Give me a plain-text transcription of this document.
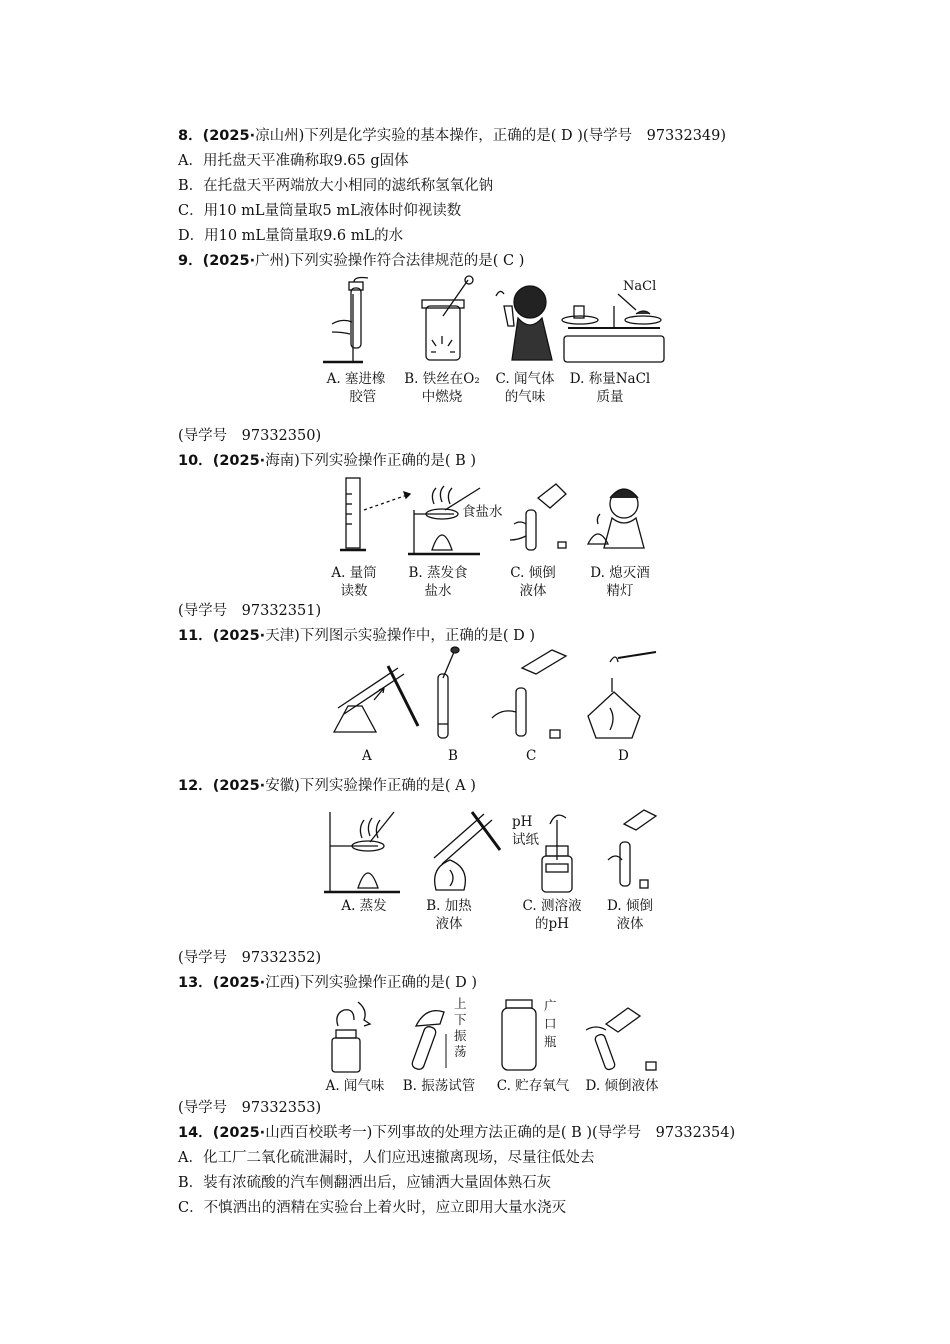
8．(2025·凉山州)下列是化学实验的基本操作，正确的是( D )(导学号　97332349)
A．用托盘天平准确称取9.65 g固体
B．在托盘天平两端放大小相同的滤纸称氢氧化钠
C．用10 mL量筒量取5 mL液体时仰视读数
D．用10 mL量筒量取9.6 mL的水
9．(2025·广州)下列实验操作符合法律规范的是( C )
NaCl
A. 塞进橡
　胶管
B. 铁丝在O₂
中燃烧
C. 闻气体
的气味
D. 称量NaCl
质量
(导学号　97332350)
10．(2025·海南)下列实验操作正确的是( B )
食盐水
A. 量筒
读数
B. 蒸发食
盐水
C. 倾倒
液体
D. 熄灭酒
精灯
(导学号　97332351)
11．(2025·天津)下列图示实验操作中，正确的是( D )
A	B	C	D
12．(2025·安徽)下列实验操作正确的是( A )
pH 试纸
A. 蒸发	B. 加热
液体
C. 测溶液
的pH
D. 倾倒
液体
(导学号　97332352)
13．(2025·江西)下列实验操作正确的是( D )
上 下 振 荡
广 口 瓶
A. 闻气味	B. 振荡试管	C. 贮存氧气	D. 倾倒液体
(导学号　97332353)
14．(2025·山西百校联考一)下列事故的处理方法正确的是( B )(导学号　97332354)
A．化工厂二氧化硫泄漏时，人们应迅速撤离现场，尽量往低处去
B．装有浓硫酸的汽车侧翻洒出后，应铺洒大量固体熟石灰
C．不慎洒出的酒精在实验台上着火时，应立即用大量水浇灭
